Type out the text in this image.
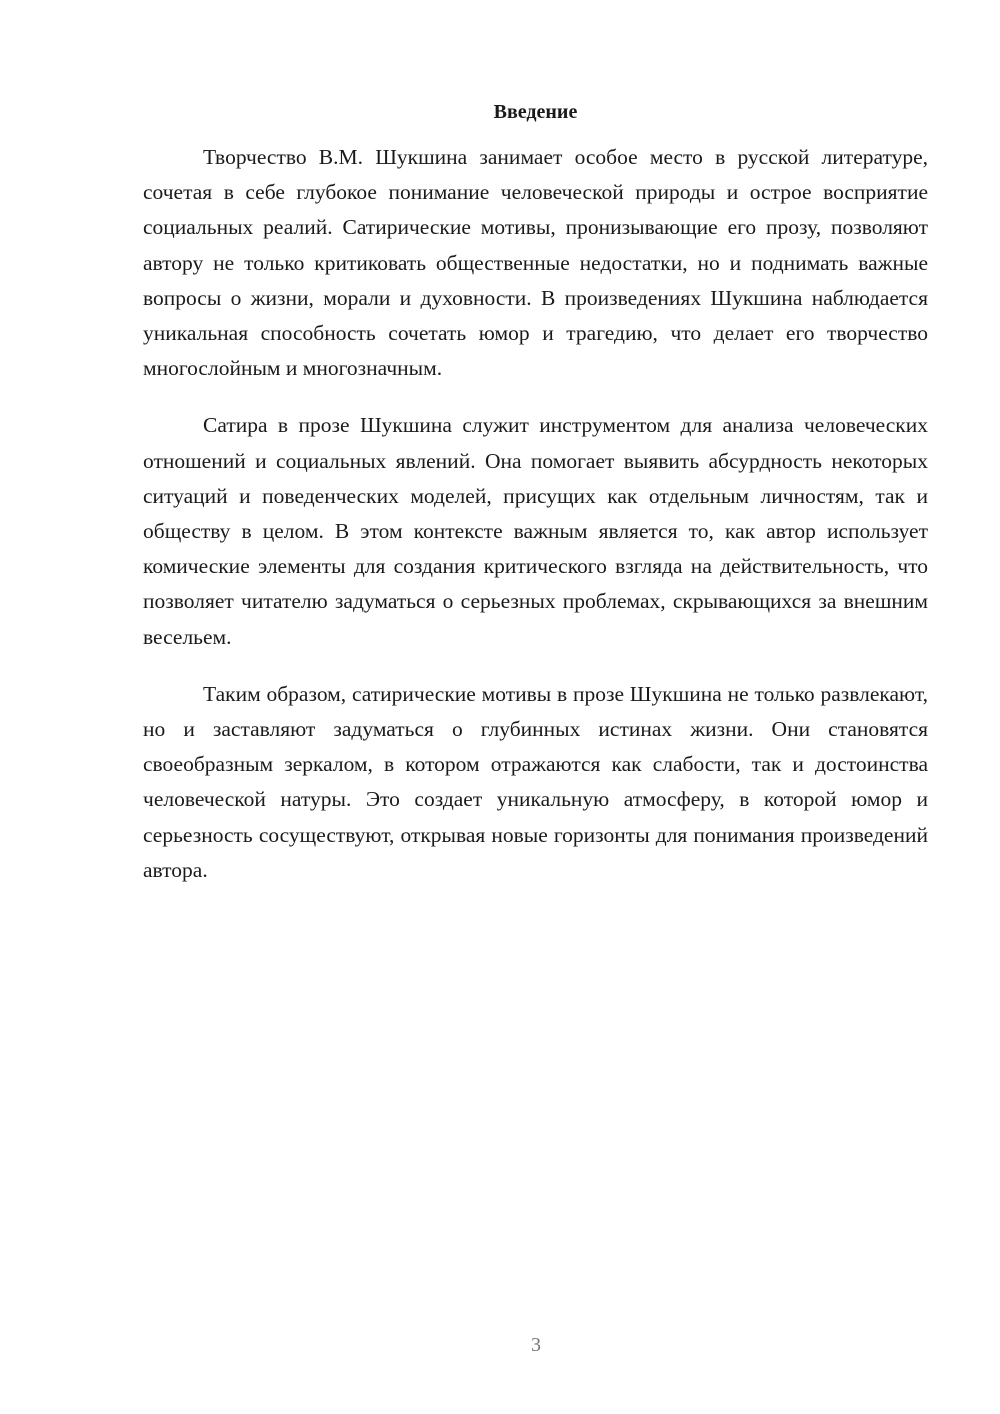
Введение

Творчество В.М. Шукшина занимает особое место в русской литературе, сочетая в себе глубокое понимание человеческой природы и острое восприятие социальных реалий. Сатирические мотивы, пронизывающие его прозу, позволяют автору не только критиковать общественные недостатки, но и поднимать важные вопросы о жизни, морали и духовности. В произведениях Шукшина наблюдается уникальная способность сочетать юмор и трагедию, что делает его творчество многослойным и многозначным.

Сатира в прозе Шукшина служит инструментом для анализа человеческих отношений и социальных явлений. Она помогает выявить абсурдность некоторых ситуаций и поведенческих моделей, присущих как отдельным личностям, так и обществу в целом. В этом контексте важным является то, как автор использует комические элементы для создания критического взгляда на действительность, что позволяет читателю задуматься о серьезных проблемах, скрывающихся за внешним весельем.

Таким образом, сатирические мотивы в прозе Шукшина не только развлекают, но и заставляют задуматься о глубинных истинах жизни. Они становятся своеобразным зеркалом, в котором отражаются как слабости, так и достоинства человеческой натуры. Это создает уникальную атмосферу, в которой юмор и серьезность сосуществуют, открывая новые горизонты для понимания произведений автора.

3
